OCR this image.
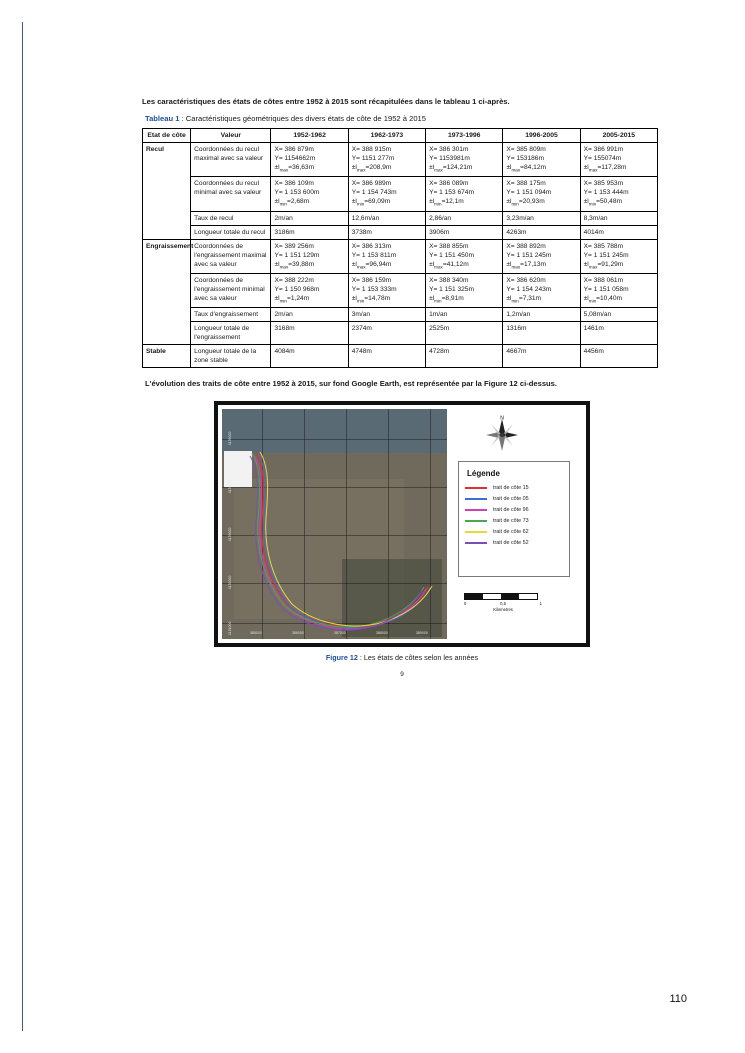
Les caractéristiques des états de côtes entre 1952 à 2015 sont récapitulées dans le tableau 1 ci-après.

Tableau 1 : Caractéristiques géométriques des divers états de côte de 1952 à 2015

Etat de côte	Valeur	1952-1962	1962-1973	1973-1996	1996-2005	2005-2015
Recul	Coordonnées du recul maximal avec sa valeur	X= 386 879m
Y= 1154662m
$\pm l_{max}=36,63m$	X= 388 915m
Y= 1151 277m
$\pm l_{max}=208,9m$	X= 386 301m
Y= 1153981m
$\pm l_{max}=124,21m$	X= 385 809m
Y= 153186m
$\pm l_{max}=84,12m$	X= 386 991m
Y= 155074m
$\pm l_{max}=117,28m$
	Coordonnées du recul minimal avec sa valeur	X= 386 109m
Y= 1 153 600m
$\pm l_{min}=2,68m$	X= 386 989m
Y= 1 154 743m
$\pm l_{min}=69,09m$	X= 386 089m
Y= 1 153 674m
$\pm l_{min}=12,1m$	X= 388 175m
Y= 1 151 094m
$\pm l_{min}=20,93m$	X= 385 953m
Y= 1 153 444m
$\pm l_{min}=50,48m$
	Taux de recul	2m/an	12,6m/an	2,86/an	3,23m/an	8,3m/an
	Longueur totale du recul	3186m	3738m	3906m	4263m	4014m
Engraissement	Coordonnées de l'engraissement maximal avec sa valeur	X= 389 256m
Y= 1 151 129m
$\pm l_{max}=39,88m$	X= 386 313m
Y= 1 153 811m
$\pm l_{max}=96,94m$	X= 388 855m
Y= 1 151 450m
$\pm l_{max}=41,12m$	X= 388 892m
Y= 1 151 245m
$\pm l_{max}=17,13m$	X= 385 788m
Y= 1 151 245m
$\pm l_{max}=91,29m$
	Coordonnées de l'engraissement minimal avec sa valeur	X= 388 222m
Y= 1 150 968m
$\pm l_{min}=1,24m$	X= 386 159m
Y= 1 153 333m
$\pm l_{min}=14,78m$	X= 388 340m
Y= 1 151 325m
$\pm l_{min}=8,91m$	X= 386 620m
Y= 1 154 243m
$\pm l_{min}=7,31m$	X= 388 061m
Y= 1 151 058m
$\pm l_{min}=10,40m$
	Taux d'engraissement	2m/an	3m/an	1m/an	1,2m/an	5,08m/an
	Longueur totale de l'engraissement	3168m	2374m	2525m	1316m	1461m
Stable	Longueur totale de la zone stable	4084m	4748m	4728m	4667m	4456m

L'évolution des traits de côte entre 1952 à 2015, sur fond Google Earth, est représentée par la Figure 12 ci-dessus.

1155000
1154000
1153000
1152000
1151000	385000	386000	387000	388000	389000
N
Légende
trait de côte 15
trait de côte 05
trait de côte 96
trait de côte 73
trait de côte 62
trait de côte 52
0	0,5	1
Kilometres
Figure 12 : Les états de côtes selon les années
9
110
